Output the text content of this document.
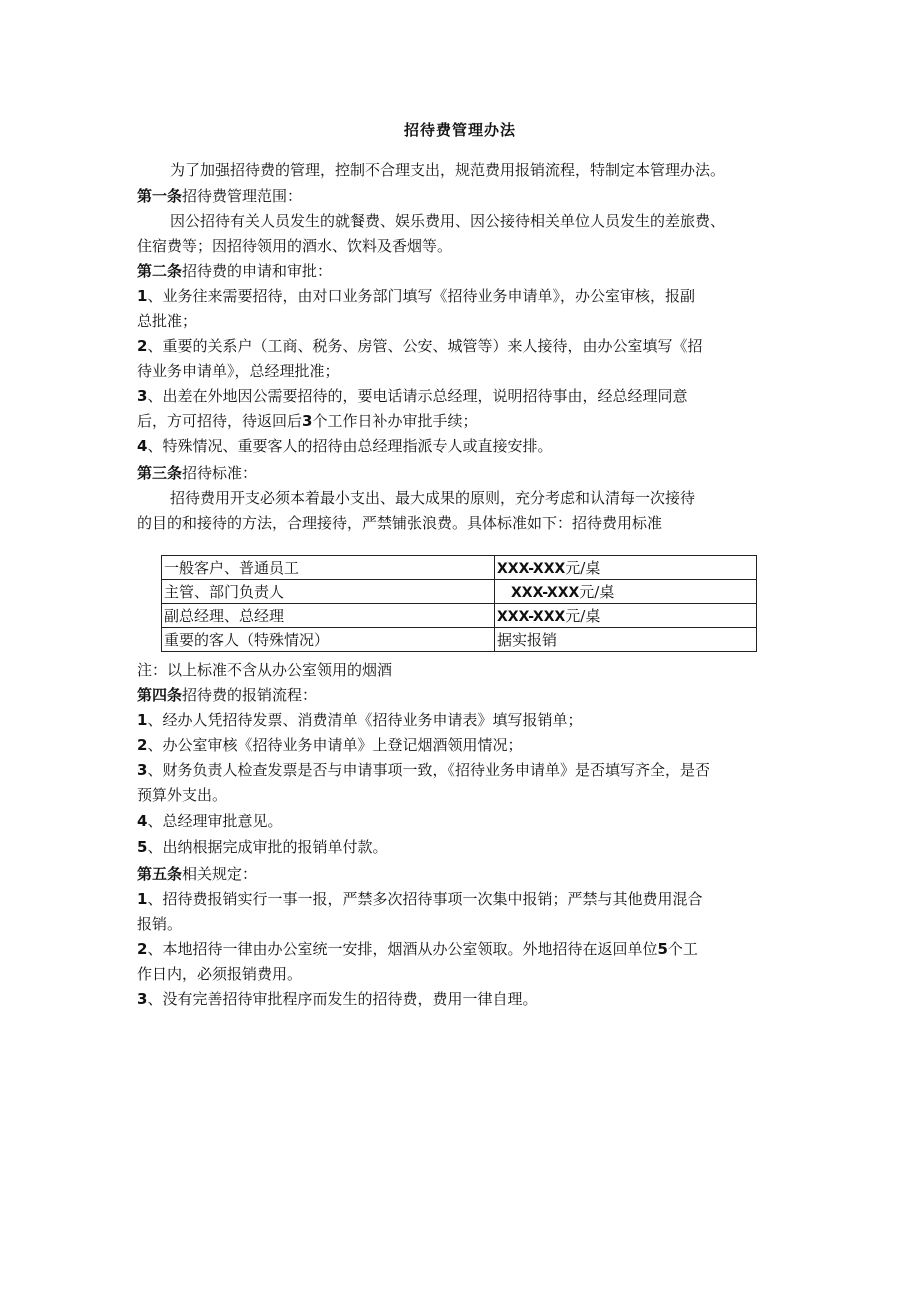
招待费管理办法
为了加强招待费的管理，控制不合理支出，规范费用报销流程，特制定本管理办法。
第一条招待费管理范围：
因公招待有关人员发生的就餐费、娱乐费用、因公接待相关单位人员发生的差旅费、
住宿费等；因招待领用的酒水、饮料及香烟等。
第二条招待费的申请和审批：
1、业务往来需要招待，由对口业务部门填写《招待业务申请单》，办公室审核，报副
总批准；
2、重要的关系户（工商、税务、房管、公安、城管等）来人接待，由办公室填写《招
待业务申请单》，总经理批准；
3、出差在外地因公需要招待的，要电话请示总经理，说明招待事由，经总经理同意
后，方可招待，待返回后3个工作日补办审批手续；
4、特殊情况、重要客人的招待由总经理指派专人或直接安排。
第三条招待标准：
招待费用开支必须本着最小支出、最大成果的原则，充分考虑和认清每一次接待
的目的和接待的方法，合理接待，严禁铺张浪费。具体标准如下：招待费用标准
一般客户、普通员工	XXX-XXX元/桌
主管、部门负责人	XXX-XXX元/桌
副总经理、总经理	XXX-XXX元/桌
重要的客人（特殊情况）	据实报销
注：以上标准不含从办公室领用的烟酒
第四条招待费的报销流程：
1、经办人凭招待发票、消费清单《招待业务申请表》填写报销单；
2、办公室审核《招待业务申请单》上登记烟酒领用情况；
3、财务负责人检查发票是否与申请事项一致，《招待业务申请单》是否填写齐全，是否
预算外支出。
4、总经理审批意见。
5、出纳根据完成审批的报销单付款。
第五条相关规定：
1、招待费报销实行一事一报，严禁多次招待事项一次集中报销；严禁与其他费用混合
报销。
2、本地招待一律由办公室统一安排，烟酒从办公室领取。外地招待在返回单位5个工
作日内，必须报销费用。
3、没有完善招待审批程序而发生的招待费，费用一律自理。
